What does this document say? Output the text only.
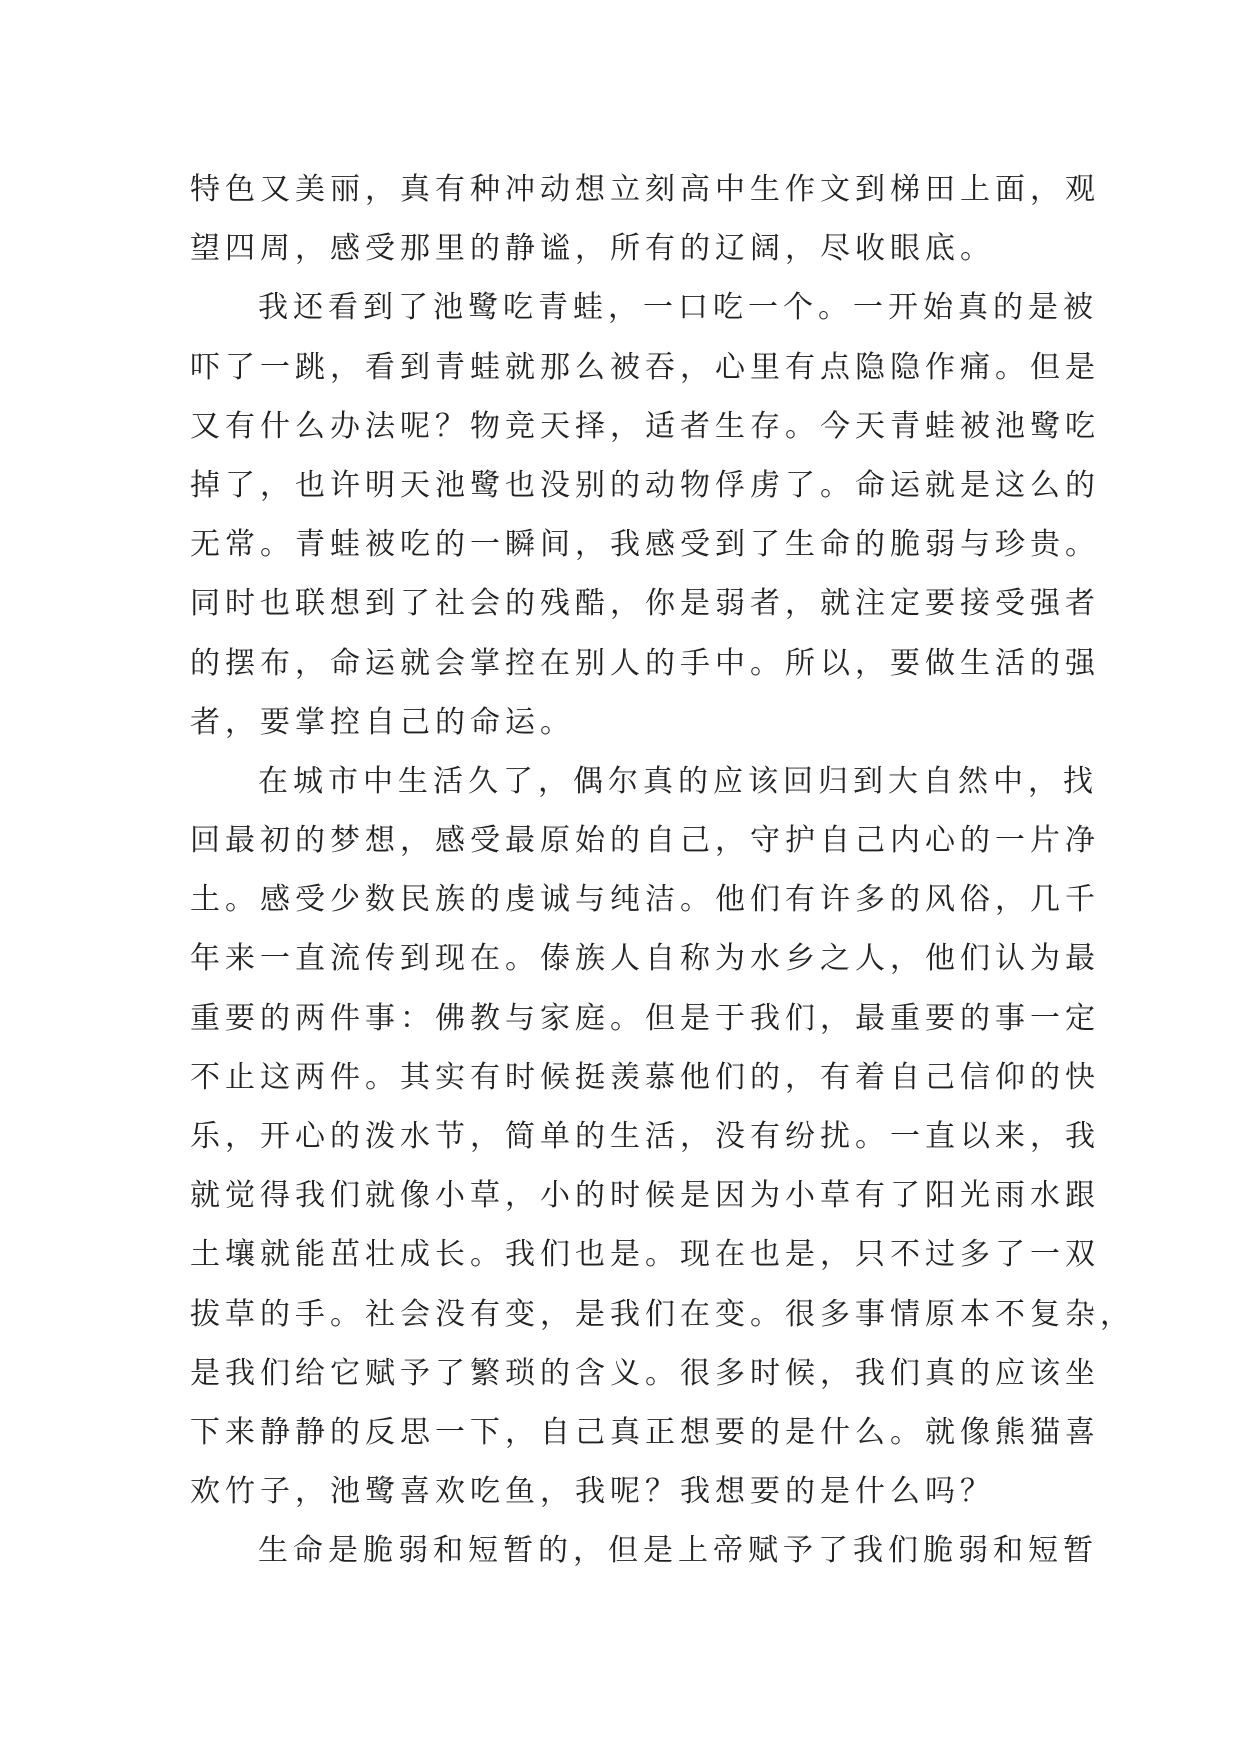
特色又美丽，真有种冲动想立刻高中生作文到梯田上面，观
望四周，感受那里的静谧，所有的辽阔，尽收眼底。
我还看到了池鹭吃青蛙，一口吃一个。一开始真的是被
吓了一跳，看到青蛙就那么被吞，心里有点隐隐作痛。但是
又有什么办法呢？物竞天择，适者生存。今天青蛙被池鹭吃
掉了，也许明天池鹭也没别的动物俘虏了。命运就是这么的
无常。青蛙被吃的一瞬间，我感受到了生命的脆弱与珍贵。
同时也联想到了社会的残酷，你是弱者，就注定要接受强者
的摆布，命运就会掌控在别人的手中。所以，要做生活的强
者，要掌控自己的命运。
在城市中生活久了，偶尔真的应该回归到大自然中，找
回最初的梦想，感受最原始的自己，守护自己内心的一片净
土。感受少数民族的虔诚与纯洁。他们有许多的风俗，几千
年来一直流传到现在。傣族人自称为水乡之人，他们认为最
重要的两件事：佛教与家庭。但是于我们，最重要的事一定
不止这两件。其实有时候挺羡慕他们的，有着自己信仰的快
乐，开心的泼水节，简单的生活，没有纷扰。一直以来，我
就觉得我们就像小草，小的时候是因为小草有了阳光雨水跟
土壤就能茁壮成长。我们也是。现在也是，只不过多了一双
拔草的手。社会没有变，是我们在变。很多事情原本不复杂，
是我们给它赋予了繁琐的含义。很多时候，我们真的应该坐
下来静静的反思一下，自己真正想要的是什么。就像熊猫喜
欢竹子，池鹭喜欢吃鱼，我呢？我想要的是什么吗？
生命是脆弱和短暂的，但是上帝赋予了我们脆弱和短暂
